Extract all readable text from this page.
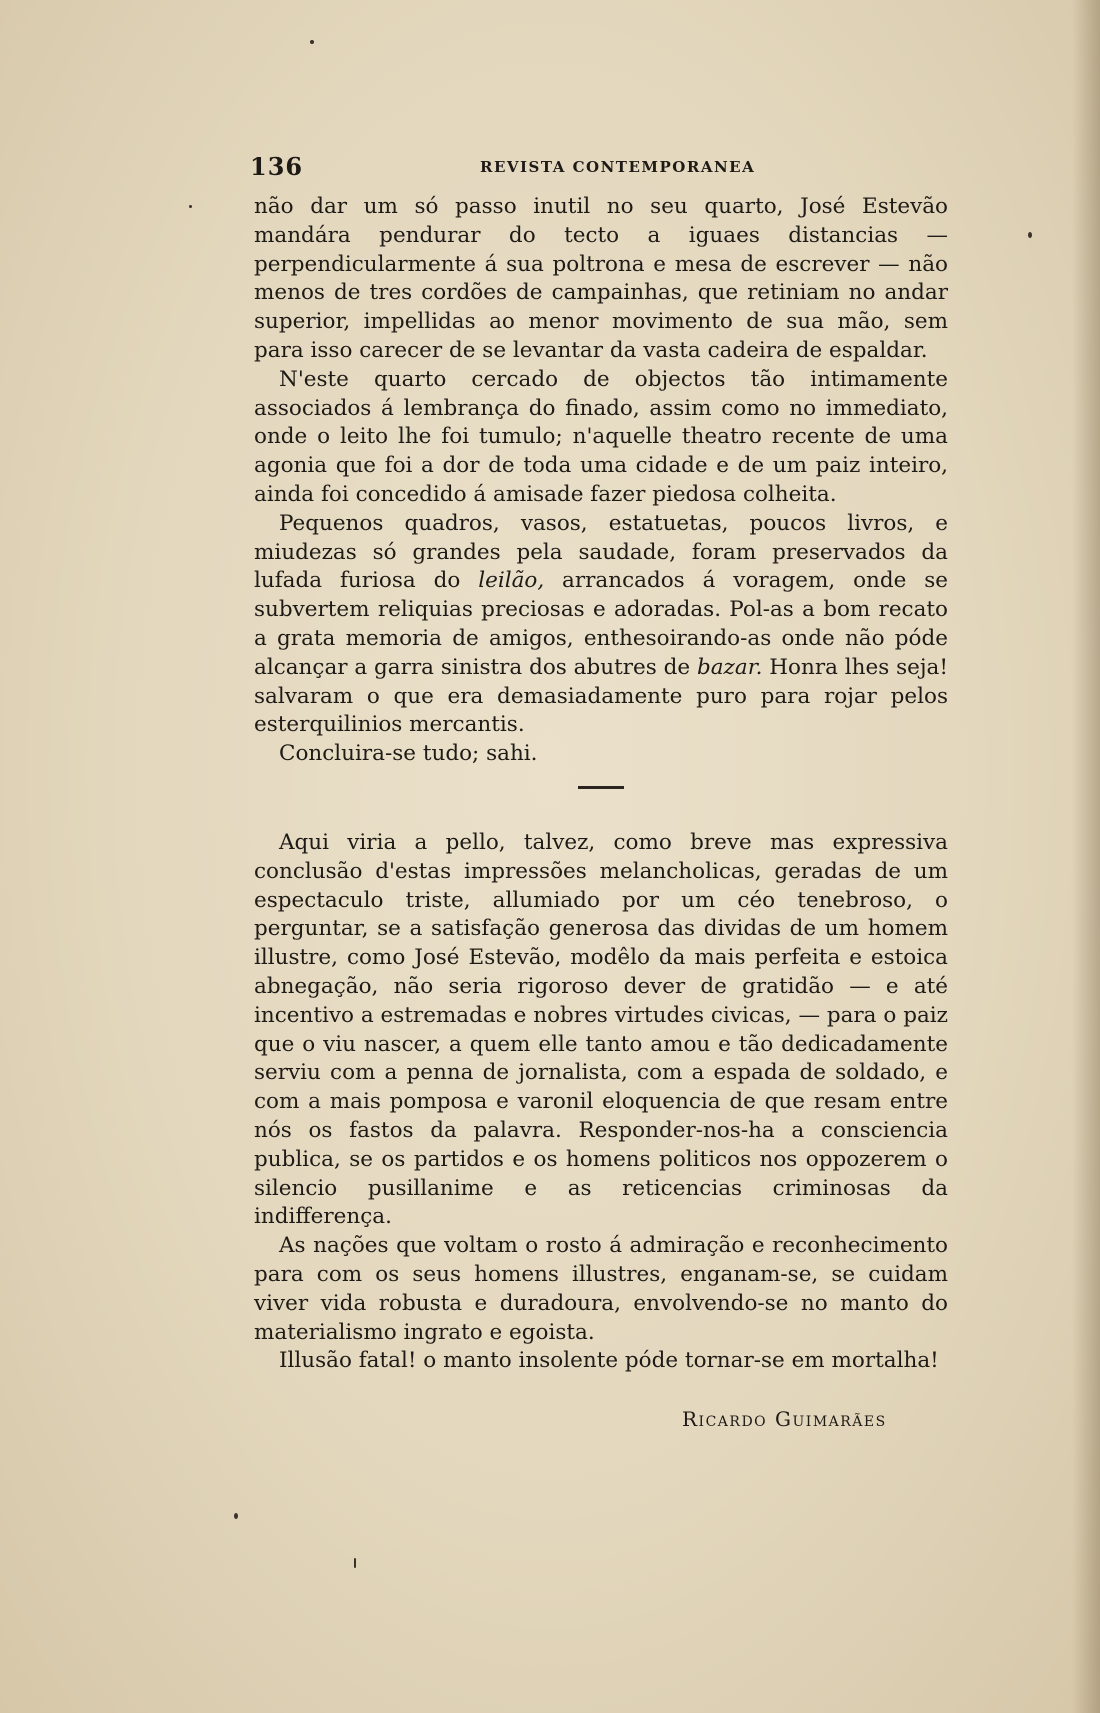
136	REVISTA CONTEMPORANEA

não dar um só passo inutil no seu quarto, José Estevão mandára pendurar do tecto a iguaes distancias — perpendicularmente á sua poltrona e mesa de escrever — não menos de tres cordões de campainhas, que retiniam no andar superior, impellidas ao menor movimento de sua mão, sem para isso carecer de se levantar da vasta cadeira de espaldar.

N'este quarto cercado de objectos tão intimamente associados á lembrança do finado, assim como no immediato, onde o leito lhe foi tumulo; n'aquelle theatro recente de uma agonia que foi a dor de toda uma cidade e de um paiz inteiro, ainda foi concedido á amisade fazer piedosa colheita.

Pequenos quadros, vasos, estatuetas, poucos livros, e miudezas só grandes pela saudade, foram preservados da lufada furiosa do leilão, arrancados á voragem, onde se subvertem reliquias preciosas e adoradas. Pol-as a bom recato a grata memoria de amigos, enthesoirando-as onde não póde alcançar a garra sinistra dos abutres de bazar. Honra lhes seja! salvaram o que era demasiadamente puro para rojar pelos esterquilinios mercantis.

Concluira-se tudo; sahi.

Aqui viria a pello, talvez, como breve mas expressiva conclusão d'estas impressões melancholicas, geradas de um espectaculo triste, allumiado por um céo tenebroso, o perguntar, se a satisfação generosa das dividas de um homem illustre, como José Estevão, modêlo da mais perfeita e estoica abnegação, não seria rigoroso dever de gratidão — e até incentivo a estremadas e nobres virtudes civicas, — para o paiz que o viu nascer, a quem elle tanto amou e tão dedicadamente serviu com a penna de jornalista, com a espada de soldado, e com a mais pomposa e varonil eloquencia de que resam entre nós os fastos da palavra. Responder-nos-ha a consciencia publica, se os partidos e os homens politicos nos oppozerem o silencio pusillanime e as reticencias criminosas da indifferença.

As nações que voltam o rosto á admiração e reconhecimento para com os seus homens illustres, enganam-se, se cuidam viver vida robusta e duradoura, envolvendo-se no manto do materialismo ingrato e egoista.

Illusão fatal! o manto insolente póde tornar-se em mortalha!

Ricardo Guimarães
